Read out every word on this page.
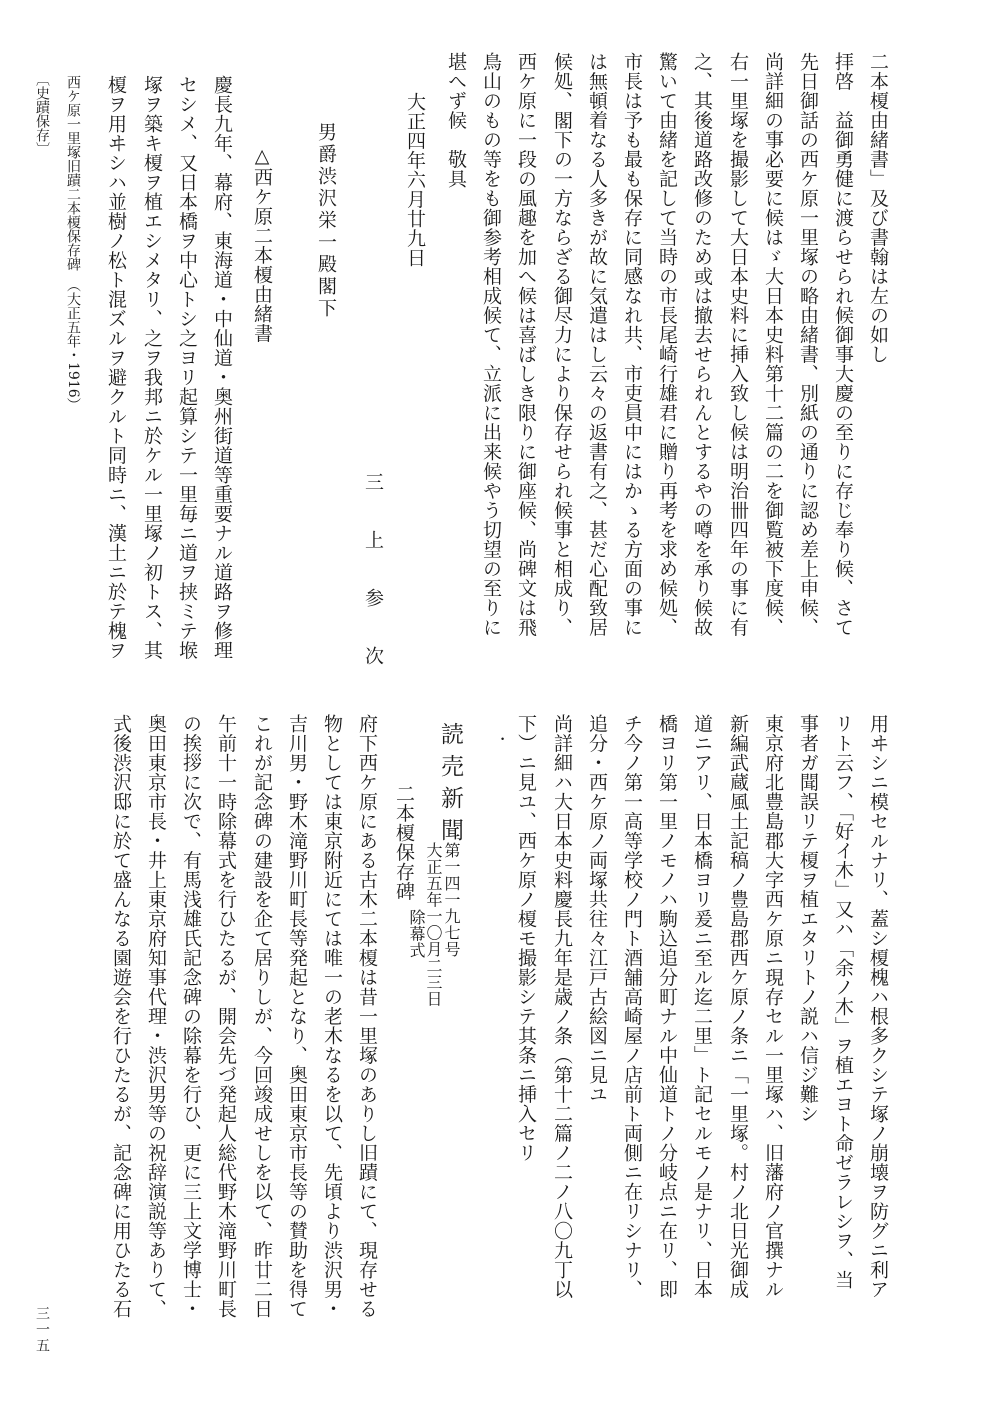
二本榎由緒書」及び書翰は左の如し
拝啓　益御勇健に渡らせられ候御事大慶の至りに存じ奉り候、さて
先日御話の西ケ原一里塚の略由緒書、別紙の通りに認め差上申候、
尚詳細の事必要に候はゞ大日本史料第十二篇の二を御覧被下度候、
右一里塚を撮影して大日本史料に挿入致し候は明治卌四年の事に有
之、其後道路改修のため或は撤去せられんとするやの噂を承り候故
驚いて由緒を記して当時の市長尾崎行雄君に贈り再考を求め候処、
市長は予も最も保存に同感なれ共、市吏員中にはかゝる方面の事に
は無頓着なる人多きが故に気遣はし云々の返書有之、甚だ心配致居
候処、閣下の一方ならざる御尽力により保存せられ候事と相成り、
西ケ原に一段の風趣を加へ候は喜ばしき限りに御座候、尚碑文は飛
鳥山のもの等をも御参考相成候て、立派に出来候やう切望の至りに
堪へず候　敬具
大正四年六月廿九日
三　上　参　次
男爵渋沢栄一殿閣下
△西ケ原二本榎由緒書
慶長九年、幕府、東海道・中仙道・奥州街道等重要ナル道路ヲ修理
セシメ、又日本橋ヲ中心トシ之ヨリ起算シテ一里毎ニ道ヲ挟ミテ堠
塚ヲ築キ榎ヲ植エシメタリ、之ヲ我邦ニ於ケル一里塚ノ初トス、其
榎ヲ用ヰシハ並樹ノ松ト混ズルヲ避クルト同時ニ、漢土ニ於テ槐ヲ
西ケ原一里塚旧蹟二本榎保存碑　（大正五年・1916）
〔史蹟保存〕
用ヰシニ模セルナリ、蓋シ榎槐ハ根多クシテ塚ノ崩壊ヲ防グニ利ア
リト云フ、「好イ木」又ハ「余ノ木」ヲ植エヨト命ゼラレシヲ、当
事者ガ聞誤リテ榎ヲ植エタリトノ説ハ信ジ難シ
東京府北豊島郡大字西ケ原ニ現存セル一里塚ハ、旧藩府ノ官撰ナル
新編武蔵風土記稿ノ豊島郡西ケ原ノ条ニ「一里塚。村ノ北日光御成
道ニアリ、日本橋ヨリ爰ニ至ル迄二里」ト記セルモノ是ナリ、日本
橋ヨリ第一里ノモノハ駒込追分町ナル中仙道トノ分岐点ニ在リ、即
チ今ノ第一高等学校ノ門ト酒舗高崎屋ノ店前ト両側ニ在リシナリ、
追分・西ケ原ノ両塚共往々江戸古絵図ニ見ユ
尚詳細ハ大日本史料慶長九年是歳ノ条（第十二篇ノ二ノ八〇九丁以
下）ニ見ユ、西ケ原ノ榎モ撮影シテ其条ニ挿入セリ
．
読売新聞
第一四一九七号
大正五年一〇月二三日
二本榎保存碑
除幕式
府下西ケ原にある古木二本榎は昔一里塚のありし旧蹟にて、現存せる
物としては東京附近にては唯一の老木なるを以て、先頃より渋沢男・
吉川男・野木滝野川町長等発起となり、奥田東京市長等の賛助を得て
これが記念碑の建設を企て居りしが、今回竣成せしを以て、昨廿二日
午前十一時除幕式を行ひたるが、開会先づ発起人総代野木滝野川町長
の挨拶に次で、有馬浅雄氏記念碑の除幕を行ひ、更に三上文学博士・
奥田東京市長・井上東京府知事代理・渋沢男等の祝辞演説等ありて、
式後渋沢邸に於て盛んなる園遊会を行ひたるが、記念碑に用ひたる石
三一五
